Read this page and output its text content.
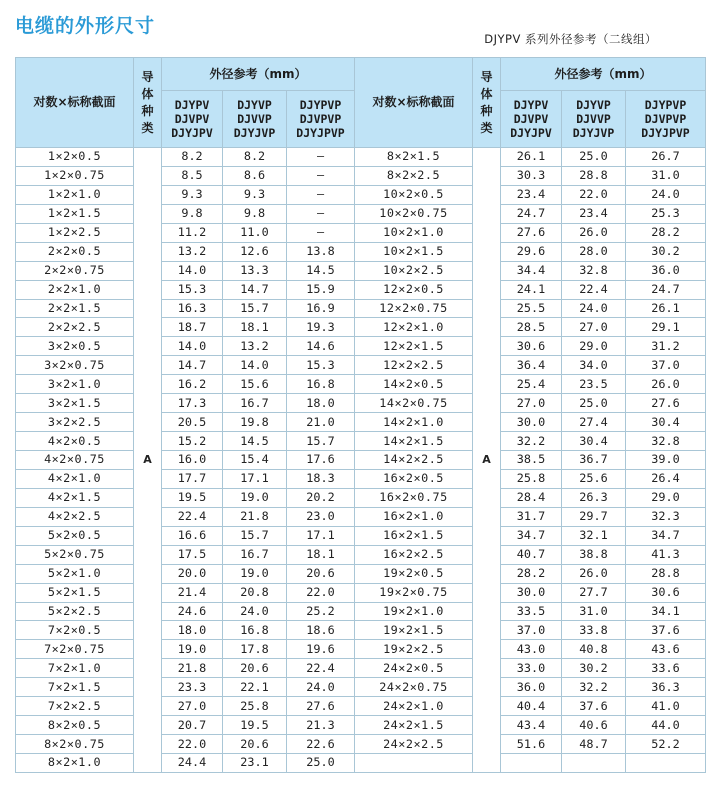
电缆的外形尺寸
DJYPV 系列外径参考（二线组）
对数×标称截面	导
体
种
类	外径参考（mm）			对数×标称截面	导
体
种
类	外径参考（mm）		
		DJYPV
DJVPV
DJYJPV	DJYVP
DJVVP
DJYJVP	DJYPVP
DJVPVP
DJYJPVP			DJYPV
DJVPV
DJYJPV	DJYVP
DJVVP
DJYJVP	DJYPVP
DJVPVP
DJYJPVP
1×2×0.5	A	8.2	8.2	–	8×2×1.5	A	26.1	25.0	26.7
1×2×0.75		8.5	8.6	–	8×2×2.5		30.3	28.8	31.0
1×2×1.0		9.3	9.3	–	10×2×0.5		23.4	22.0	24.0
1×2×1.5		9.8	9.8	–	10×2×0.75		24.7	23.4	25.3
1×2×2.5		11.2	11.0	–	10×2×1.0		27.6	26.0	28.2
2×2×0.5		13.2	12.6	13.8	10×2×1.5		29.6	28.0	30.2
2×2×0.75		14.0	13.3	14.5	10×2×2.5		34.4	32.8	36.0
2×2×1.0		15.3	14.7	15.9	12×2×0.5		24.1	22.4	24.7
2×2×1.5		16.3	15.7	16.9	12×2×0.75		25.5	24.0	26.1
2×2×2.5		18.7	18.1	19.3	12×2×1.0		28.5	27.0	29.1
3×2×0.5		14.0	13.2	14.6	12×2×1.5		30.6	29.0	31.2
3×2×0.75		14.7	14.0	15.3	12×2×2.5		36.4	34.0	37.0
3×2×1.0		16.2	15.6	16.8	14×2×0.5		25.4	23.5	26.0
3×2×1.5		17.3	16.7	18.0	14×2×0.75		27.0	25.0	27.6
3×2×2.5		20.5	19.8	21.0	14×2×1.0		30.0	27.4	30.4
4×2×0.5		15.2	14.5	15.7	14×2×1.5		32.2	30.4	32.8
4×2×0.75		16.0	15.4	17.6	14×2×2.5		38.5	36.7	39.0
4×2×1.0		17.7	17.1	18.3	16×2×0.5		25.8	25.6	26.4
4×2×1.5		19.5	19.0	20.2	16×2×0.75		28.4	26.3	29.0
4×2×2.5		22.4	21.8	23.0	16×2×1.0		31.7	29.7	32.3
5×2×0.5		16.6	15.7	17.1	16×2×1.5		34.7	32.1	34.7
5×2×0.75		17.5	16.7	18.1	16×2×2.5		40.7	38.8	41.3
5×2×1.0		20.0	19.0	20.6	19×2×0.5		28.2	26.0	28.8
5×2×1.5		21.4	20.8	22.0	19×2×0.75		30.0	27.7	30.6
5×2×2.5		24.6	24.0	25.2	19×2×1.0		33.5	31.0	34.1
7×2×0.5		18.0	16.8	18.6	19×2×1.5		37.0	33.8	37.6
7×2×0.75		19.0	17.8	19.6	19×2×2.5		43.0	40.8	43.6
7×2×1.0		21.8	20.6	22.4	24×2×0.5		33.0	30.2	33.6
7×2×1.5		23.3	22.1	24.0	24×2×0.75		36.0	32.2	36.3
7×2×2.5		27.0	25.8	27.6	24×2×1.0		40.4	37.6	41.0
8×2×0.5		20.7	19.5	21.3	24×2×1.5		43.4	40.6	44.0
8×2×0.75		22.0	20.6	22.6	24×2×2.5		51.6	48.7	52.2
8×2×1.0		24.4	23.1	25.0					
